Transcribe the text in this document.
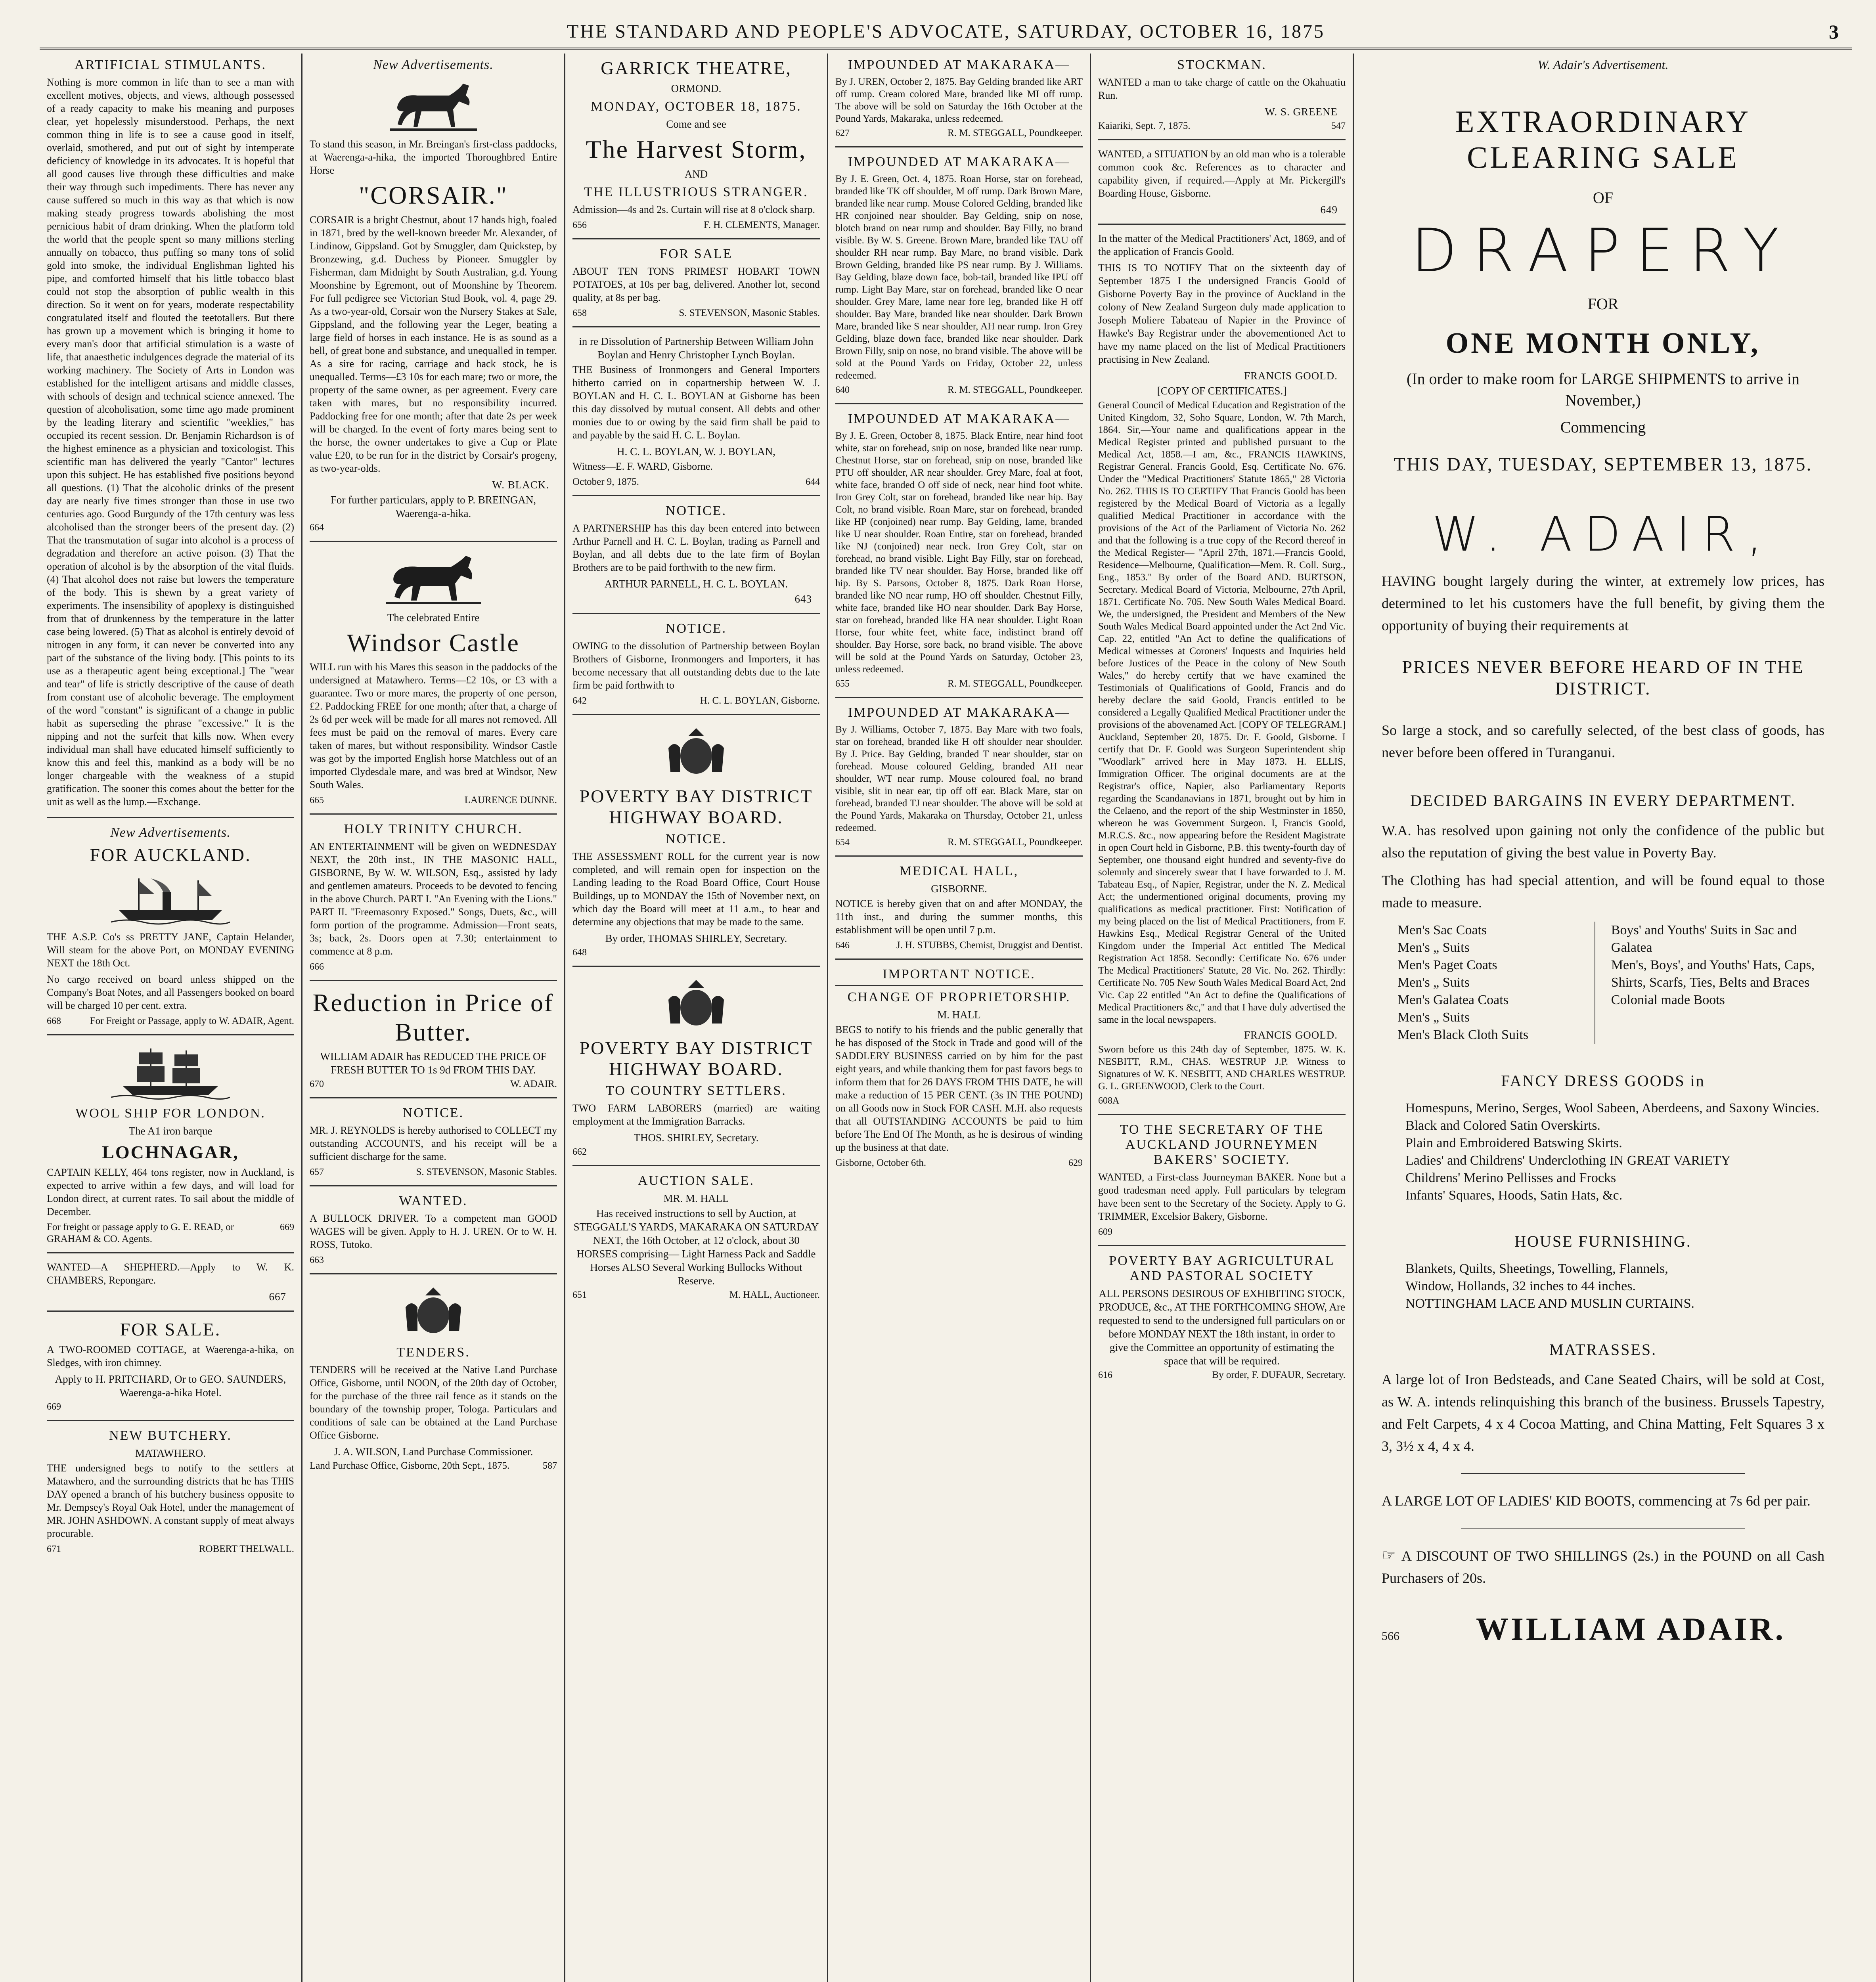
THE STANDARD AND PEOPLE'S ADVOCATE, SATURDAY, OCTOBER 16, 1875	3
ARTIFICIAL STIMULANTS.

Nothing is more common in life than to see a man with excellent motives, objects, and views, although possessed of a ready capacity to make his meaning and purposes clear, yet hopelessly misunderstood. Perhaps, the next common thing in life is to see a cause good in itself, overlaid, smothered, and put out of sight by intemperate deficiency of knowledge in its advocates. It is hopeful that all good causes live through these difficulties and make their way through such impediments. There has never any cause suffered so much in this way as that which is now making steady progress towards abolishing the most pernicious habit of dram drinking. When the platform told the world that the people spent so many millions sterling annually on tobacco, thus puffing so many tons of solid gold into smoke, the individual Englishman lighted his pipe, and comforted himself that his little tobacco blast could not stop the absorption of public wealth in this direction. So it went on for years, moderate respectability congratulated itself and flouted the teetotallers. But there has grown up a movement which is bringing it home to every man's door that artificial stimulation is a waste of life, that anaesthetic indulgences degrade the material of its working machinery. The Society of Arts in London was established for the intelligent artisans and middle classes, with schools of design and technical science annexed. The question of alcoholisation, some time ago made prominent by the leading literary and scientific "weeklies," has occupied its recent session. Dr. Benjamin Richardson is of the highest eminence as a physician and toxicologist. This scientific man has delivered the yearly "Cantor" lectures upon this subject. He has established five positions beyond all questions. (1) That the alcoholic drinks of the present day are nearly five times stronger than those in use two centuries ago. Good Burgundy of the 17th century was less alcoholised than the stronger beers of the present day. (2) That the transmutation of sugar into alcohol is a process of degradation and therefore an active poison. (3) That the operation of alcohol is by the absorption of the vital fluids. (4) That alcohol does not raise but lowers the temperature of the body. This is shewn by a great variety of experiments. The insensibility of apoplexy is distinguished from that of drunkenness by the temperature in the latter case being lowered. (5) That as alcohol is entirely devoid of nitrogen in any form, it can never be converted into any part of the substance of the living body. [This points to its use as a therapeutic agent being exceptional.] The "wear and tear" of life is strictly descriptive of the cause of death from constant use of alcoholic beverage. The employment of the word "constant" is significant of a change in public habit as superseding the phrase "excessive." It is the nipping and not the surfeit that kills now. When every individual man shall have educated himself sufficiently to know this and feel this, mankind as a body will be no longer chargeable with the weakness of a stupid gratification. The sooner this comes about the better for the unit as well as the lump.—Exchange.

New Advertisements.
FOR AUCKLAND.

THE A.S.P. Co's ss PRETTY JANE, Captain Helander, Will steam for the above Port, on MONDAY EVENING NEXT the 18th Oct.

No cargo received on board unless shipped on the Company's Boat Notes, and all Passengers booked on board will be charged 10 per cent. extra.

668	For Freight or Passage, apply to W. ADAIR, Agent.
WOOL SHIP FOR LONDON.
The A1 iron barque
LOCHNAGAR,

CAPTAIN KELLY, 464 tons register, now in Auckland, is expected to arrive within a few days, and will load for London direct, at current rates. To sail about the middle of December.

For freight or passage apply to G. E. READ, or GRAHAM & CO. Agents.
669

WANTED—A SHEPHERD.—Apply to W. K. CHAMBERS, Repongare.

667
FOR SALE.

A TWO-ROOMED COTTAGE, at Waerenga-a-hika, on Sledges, with iron chimney.

Apply to H. PRITCHARD, Or to GEO. SAUNDERS, Waerenga-a-hika Hotel.

669
NEW BUTCHERY.
MATAWHERO.

THE undersigned begs to notify to the settlers at Matawhero, and the surrounding districts that he has THIS DAY opened a branch of his butchery business opposite to Mr. Dempsey's Royal Oak Hotel, under the management of MR. JOHN ASHDOWN. A constant supply of meat always procurable.

671	ROBERT THELWALL.
New Advertisements.

To stand this season, in Mr. Breingan's first-class paddocks, at Waerenga-a-hika, the imported Thoroughbred Entire Horse

"CORSAIR."

CORSAIR is a bright Chestnut, about 17 hands high, foaled in 1871, bred by the well-known breeder Mr. Alexander, of Lindinow, Gippsland. Got by Smuggler, dam Quickstep, by Bronzewing, g.d. Duchess by Pioneer. Smuggler by Fisherman, dam Midnight by South Australian, g.d. Young Moonshine by Egremont, out of Moonshine by Theorem. For full pedigree see Victorian Stud Book, vol. 4, page 29. As a two-year-old, Corsair won the Nursery Stakes at Sale, Gippsland, and the following year the Leger, beating a large field of horses in each instance. He is as sound as a bell, of great bone and substance, and unequalled in temper. As a sire for racing, carriage and hack stock, he is unequalled. Terms—£3 10s for each mare; two or more, the property of the same owner, as per agreement. Every care taken with mares, but no responsibility incurred. Paddocking free for one month; after that date 2s per week will be charged. In the event of forty mares being sent to the horse, the owner undertakes to give a Cup or Plate value £20, to be run for in the district by Corsair's progeny, as two-year-olds.

W. BLACK.

For further particulars, apply to P. BREINGAN, Waerenga-a-hika.

664
The celebrated Entire
Windsor Castle

WILL run with his Mares this season in the paddocks of the undersigned at Matawhero. Terms—£2 10s, or £3 with a guarantee. Two or more mares, the property of one person, £2. Paddocking FREE for one month; after that, a charge of 2s 6d per week will be made for all mares not removed. All fees must be paid on the removal of mares. Every care taken of mares, but without responsibility. Windsor Castle was got by the imported English horse Matchless out of an imported Clydesdale mare, and was bred at Windsor, New South Wales.

665	LAURENCE DUNNE.
HOLY TRINITY CHURCH.

AN ENTERTAINMENT will be given on WEDNESDAY NEXT, the 20th inst., IN THE MASONIC HALL, GISBORNE, By W. W. WILSON, Esq., assisted by lady and gentlemen amateurs. Proceeds to be devoted to fencing in the above Church. PART I. "An Evening with the Lions." PART II. "Freemasonry Exposed." Songs, Duets, &c., will form portion of the programme. Admission—Front seats, 3s; back, 2s. Doors open at 7.30; entertainment to commence at 8 p.m.

666
Reduction in Price of Butter.

WILLIAM ADAIR has REDUCED THE PRICE OF FRESH BUTTER TO 1s 9d FROM THIS DAY.

670	W. ADAIR.
NOTICE.

MR. J. REYNOLDS is hereby authorised to COLLECT my outstanding ACCOUNTS, and his receipt will be a sufficient discharge for the same.

657	S. STEVENSON, Masonic Stables.
WANTED.

A BULLOCK DRIVER. To a competent man GOOD WAGES will be given. Apply to H. J. UREN. Or to W. H. ROSS, Tutoko.

663
TENDERS.

TENDERS will be received at the Native Land Purchase Office, Gisborne, until NOON, of the 20th day of October, for the purchase of the three rail fence as it stands on the boundary of the township proper, Tologa. Particulars and conditions of sale can be obtained at the Land Purchase Office Gisborne.

J. A. WILSON, Land Purchase Commissioner.
Land Purchase Office, Gisborne, 20th Sept., 1875.	587
GARRICK THEATRE,
ORMOND.
MONDAY, OCTOBER 18, 1875.
Come and see
The Harvest Storm,
AND
THE ILLUSTRIOUS STRANGER.

Admission—4s and 2s. Curtain will rise at 8 o'clock sharp.

656	F. H. CLEMENTS, Manager.
FOR SALE

ABOUT TEN TONS PRIMEST HOBART TOWN POTATOES, at 10s per bag, delivered. Another lot, second quality, at 8s per bag.

658	S. STEVENSON, Masonic Stables.
in re Dissolution of Partnership Between William John Boylan and Henry Christopher Lynch Boylan.

THE Business of Ironmongers and General Importers hitherto carried on in copartnership between W. J. BOYLAN and H. C. L. BOYLAN at Gisborne has been this day dissolved by mutual consent. All debts and other monies due to or owing by the said firm shall be paid to and payable by the said H. C. L. Boylan.

H. C. L. BOYLAN, W. J. BOYLAN,

Witness—E. F. WARD, Gisborne.

October 9, 1875.	644
NOTICE.

A PARTNERSHIP has this day been entered into between Arthur Parnell and H. C. L. Boylan, trading as Parnell and Boylan, and all debts due to the late firm of Boylan Brothers are to be paid forthwith to the new firm.

ARTHUR PARNELL, H. C. L. BOYLAN.
643
NOTICE.

OWING to the dissolution of Partnership between Boylan Brothers of Gisborne, Ironmongers and Importers, it has become necessary that all outstanding debts due to the late firm be paid forthwith to

642	H. C. L. BOYLAN, Gisborne.
POVERTY BAY DISTRICT HIGHWAY BOARD.
NOTICE.

THE ASSESSMENT ROLL for the current year is now completed, and will remain open for inspection on the Landing leading to the Road Board Office, Court House Buildings, up to MONDAY the 15th of November next, on which day the Board will meet at 11 a.m., to hear and determine any objections that may be made to the same.

By order, THOMAS SHIRLEY, Secretary.
648
POVERTY BAY DISTRICT HIGHWAY BOARD.
TO COUNTRY SETTLERS.

TWO FARM LABORERS (married) are waiting employment at the Immigration Barracks.

THOS. SHIRLEY, Secretary.
662
AUCTION SALE.
MR. M. HALL

Has received instructions to sell by Auction, at STEGGALL'S YARDS, MAKARAKA ON SATURDAY NEXT, the 16th October, at 12 o'clock, about 30 HORSES comprising— Light Harness Pack and Saddle Horses ALSO Several Working Bullocks Without Reserve.

651	M. HALL, Auctioneer.
IMPOUNDED AT MAKARAKA—

By J. UREN, October 2, 1875. Bay Gelding branded like ART off rump. Cream colored Mare, branded like MI off rump. The above will be sold on Saturday the 16th October at the Pound Yards, Makaraka, unless redeemed.

627	R. M. STEGGALL, Poundkeeper.
IMPOUNDED AT MAKARAKA—

By J. E. Green, Oct. 4, 1875. Roan Horse, star on forehead, branded like TK off shoulder, M off rump. Dark Brown Mare, branded like near rump. Mouse Colored Gelding, branded like HR conjoined near shoulder. Bay Gelding, snip on nose, blotch brand on near rump and shoulder. Bay Filly, no brand visible. By W. S. Greene. Brown Mare, branded like TAU off shoulder RH near rump. Bay Mare, no brand visible. Dark Brown Gelding, branded like PS near rump. By J. Williams. Bay Gelding, blaze down face, bob-tail, branded like IPU off rump. Light Bay Mare, star on forehead, branded like O near shoulder. Grey Mare, lame near fore leg, branded like H off shoulder. Bay Mare, branded like near shoulder. Dark Brown Mare, branded like S near shoulder, AH near rump. Iron Grey Gelding, blaze down face, branded like near shoulder. Dark Brown Filly, snip on nose, no brand visible. The above will be sold at the Pound Yards on Friday, October 22, unless redeemed.

640	R. M. STEGGALL, Poundkeeper.
IMPOUNDED AT MAKARAKA—

By J. E. Green, October 8, 1875. Black Entire, near hind foot white, star on forehead, snip on nose, branded like near rump. Chestnut Horse, star on forehead, snip on nose, branded like PTU off shoulder, AR near shoulder. Grey Mare, foal at foot, white face, branded O off side of neck, near hind foot white. Iron Grey Colt, star on forehead, branded like near hip. Bay Colt, no brand visible. Roan Mare, star on forehead, branded like HP (conjoined) near rump. Bay Gelding, lame, branded like U near shoulder. Roan Entire, star on forehead, branded like NJ (conjoined) near neck. Iron Grey Colt, star on forehead, no brand visible. Light Bay Filly, star on forehead, branded like TV near shoulder. Bay Horse, branded like off hip. By S. Parsons, October 8, 1875. Dark Roan Horse, branded like NO near rump, HO off shoulder. Chestnut Filly, white face, branded like HO near shoulder. Dark Bay Horse, star on forehead, branded like HA near shoulder. Light Roan Horse, four white feet, white face, indistinct brand off shoulder. Bay Horse, sore back, no brand visible. The above will be sold at the Pound Yards on Saturday, October 23, unless redeemed.

655	R. M. STEGGALL, Poundkeeper.
IMPOUNDED AT MAKARAKA—

By J. Williams, October 7, 1875. Bay Mare with two foals, star on forehead, branded like H off shoulder near shoulder. By J. Price. Bay Gelding, branded T near shoulder, star on forehead. Mouse coloured Gelding, branded AH near shoulder, WT near rump. Mouse coloured foal, no brand visible, slit in near ear, tip off off ear. Black Mare, star on forehead, branded TJ near shoulder. The above will be sold at the Pound Yards, Makaraka on Thursday, October 21, unless redeemed.

654	R. M. STEGGALL, Poundkeeper.
MEDICAL HALL,
GISBORNE.

NOTICE is hereby given that on and after MONDAY, the 11th inst., and during the summer months, this establishment will be open until 7 p.m.

646	J. H. STUBBS, Chemist, Druggist and Dentist.
IMPORTANT NOTICE.
CHANGE OF PROPRIETORSHIP.
M. HALL

BEGS to notify to his friends and the public generally that he has disposed of the Stock in Trade and good will of the SADDLERY BUSINESS carried on by him for the past eight years, and while thanking them for past favors begs to inform them that for 26 DAYS FROM THIS DATE, he will make a reduction of 15 PER CENT. (3s IN THE POUND) on all Goods now in Stock FOR CASH. M.H. also requests that all OUTSTANDING ACCOUNTS be paid to him before The End Of The Month, as he is desirous of winding up the business at that date.

Gisborne, October 6th.	629
STOCKMAN.

WANTED a man to take charge of cattle on the Okahuatiu Run.

W. S. GREENE
Kaiariki, Sept. 7, 1875.	547

WANTED, a SITUATION by an old man who is a tolerable common cook &c. References as to character and capability given, if required.—Apply at Mr. Pickergill's Boarding House, Gisborne.

649

In the matter of the Medical Practitioners' Act, 1869, and of the application of Francis Goold.

THIS IS TO NOTIFY That on the sixteenth day of September 1875 I the undersigned Francis Goold of Gisborne Poverty Bay in the province of Auckland in the colony of New Zealand Surgeon duly made application to Joseph Moliere Tabateau of Napier in the Province of Hawke's Bay Registrar under the abovementioned Act to have my name placed on the list of Medical Practitioners practising in New Zealand.

FRANCIS GOOLD.
[COPY OF CERTIFICATES.]

General Council of Medical Education and Registration of the United Kingdom, 32, Soho Square, London, W. 7th March, 1864. Sir,—Your name and qualifications appear in the Medical Register printed and published pursuant to the Medical Act, 1858.—I am, &c., FRANCIS HAWKINS, Registrar General. Francis Goold, Esq. Certificate No. 676. Under the "Medical Practitioners' Statute 1865," 28 Victoria No. 262. THIS IS TO CERTIFY That Francis Goold has been registered by the Medical Board of Victoria as a legally qualified Medical Practitioner in accordance with the provisions of the Act of the Parliament of Victoria No. 262 and that the following is a true copy of the Record thereof in the Medical Register— "April 27th, 1871.—Francis Goold, Residence—Melbourne, Qualification—Mem. R. Coll. Surg., Eng., 1853." By order of the Board AND. BURTSON, Secretary. Medical Board of Victoria, Melbourne, 27th April, 1871. Certificate No. 705. New South Wales Medical Board. We, the undersigned, the President and Members of the New South Wales Medical Board appointed under the Act 2nd Vic. Cap. 22, entitled "An Act to define the qualifications of Medical witnesses at Coroners' Inquests and Inquiries held before Justices of the Peace in the colony of New South Wales," do hereby certify that we have examined the Testimonials of Qualifications of Goold, Francis and do hereby declare the said Goold, Francis entitled to be considered a Legally Qualified Medical Practitioner under the provisions of the abovenamed Act. [COPY OF TELEGRAM.] Auckland, September 20, 1875. Dr. F. Goold, Gisborne. I certify that Dr. F. Goold was Surgeon Superintendent ship "Woodlark" arrived here in May 1873. H. ELLIS, Immigration Officer. The original documents are at the Registrar's office, Napier, also Parliamentary Reports regarding the Scandanavians in 1871, brought out by him in the Celaeno, and the report of the ship Westminster in 1850, whereon he was Government Surgeon. I, Francis Goold, M.R.C.S. &c., now appearing before the Resident Magistrate in open Court held in Gisborne, P.B. this twenty-fourth day of September, one thousand eight hundred and seventy-five do solemnly and sincerely swear that I have forwarded to J. M. Tabateau Esq., of Napier, Registrar, under the N. Z. Medical Act; the undermentioned original documents, proving my qualifications as medical practitioner. First: Notification of my being placed on the list of Medical Practitioners, from F. Hawkins Esq., Medical Registrar General of the United Kingdom under the Imperial Act entitled The Medical Registration Act 1858. Secondly: Certificate No. 676 under The Medical Practitioners' Statute, 28 Vic. No. 262. Thirdly: Certificate No. 705 New South Wales Medical Board Act, 2nd Vic. Cap 22 entitled "An Act to define the Qualifications of Medical Practitioners &c," and that I have duly advertised the same in the local newspapers.

FRANCIS GOOLD.

Sworn before us this 24th day of September, 1875. W. K. NESBITT, R.M., CHAS. WESTRUP J.P. Witness to Signatures of W. K. NESBITT, AND CHARLES WESTRUP. G. L. GREENWOOD, Clerk to the Court.

608A
TO THE SECRETARY OF THE AUCKLAND JOURNEYMEN BAKERS' SOCIETY.

WANTED, a First-class Journeyman BAKER. None but a good tradesman need apply. Full particulars by telegram have been sent to the Secretary of the Society. Apply to G. TRIMMER, Excelsior Bakery, Gisborne.

609
POVERTY BAY AGRICULTURAL AND PASTORAL SOCIETY

ALL PERSONS DESIROUS OF EXHIBITING STOCK, PRODUCE, &c., AT THE FORTHCOMING SHOW, Are requested to send to the undersigned full particulars on or before MONDAY NEXT the 18th instant, in order to give the Committee an opportunity of estimating the space that will be required.

616	By order, F. DUFAUR, Secretary.
W. Adair's Advertisement.
EXTRAORDINARY CLEARING SALE
OF
DRAPERY
FOR
ONE MONTH ONLY,
(In order to make room for LARGE SHIPMENTS to arrive in November,)
Commencing
THIS DAY, TUESDAY, SEPTEMBER 13, 1875.
W. ADAIR,

HAVING bought largely during the winter, at extremely low prices, has determined to let his customers have the full benefit, by giving them the opportunity of buying their requirements at

PRICES NEVER BEFORE HEARD OF IN THE DISTRICT.

So large a stock, and so carefully selected, of the best class of goods, has never before been offered in Turanganui.

DECIDED BARGAINS IN EVERY DEPARTMENT.

W.A. has resolved upon gaining not only the confidence of the public but also the reputation of giving the best value in Poverty Bay.

The Clothing has had special attention, and will be found equal to those made to measure.

Men's Sac Coats
Men's „ Suits
Men's Paget Coats
Men's „ Suits
Men's Galatea Coats
Men's „ Suits
Men's Black Cloth Suits
Boys' and Youths' Suits in Sac and Galatea
Men's, Boys', and Youths' Hats, Caps, Shirts, Scarfs, Ties, Belts and Braces
Colonial made Boots
FANCY DRESS GOODS in
Homespuns, Merino, Serges, Wool Sabeen, Aberdeens, and Saxony Wincies.
Black and Colored Satin Overskirts.
Plain and Embroidered Batswing Skirts.
Ladies' and Childrens' Underclothing IN GREAT VARIETY
Childrens' Merino Pellisses and Frocks
Infants' Squares, Hoods, Satin Hats, &c.
HOUSE FURNISHING.
Blankets, Quilts, Sheetings, Towelling, Flannels,
Window, Hollands, 32 inches to 44 inches.
NOTTINGHAM LACE AND MUSLIN CURTAINS.
MATRASSES.

A large lot of Iron Bedsteads, and Cane Seated Chairs, will be sold at Cost, as W. A. intends relinquishing this branch of the business. Brussels Tapestry, and Felt Carpets, 4 x 4 Cocoa Matting, and China Matting, Felt Squares 3 x 3, 3½ x 4, 4 x 4.

A LARGE LOT OF LADIES' KID BOOTS, commencing at 7s 6d per pair.

☞ A DISCOUNT OF TWO SHILLINGS (2s.) in the POUND on all Cash Purchasers of 20s.

566	WILLIAM ADAIR.
